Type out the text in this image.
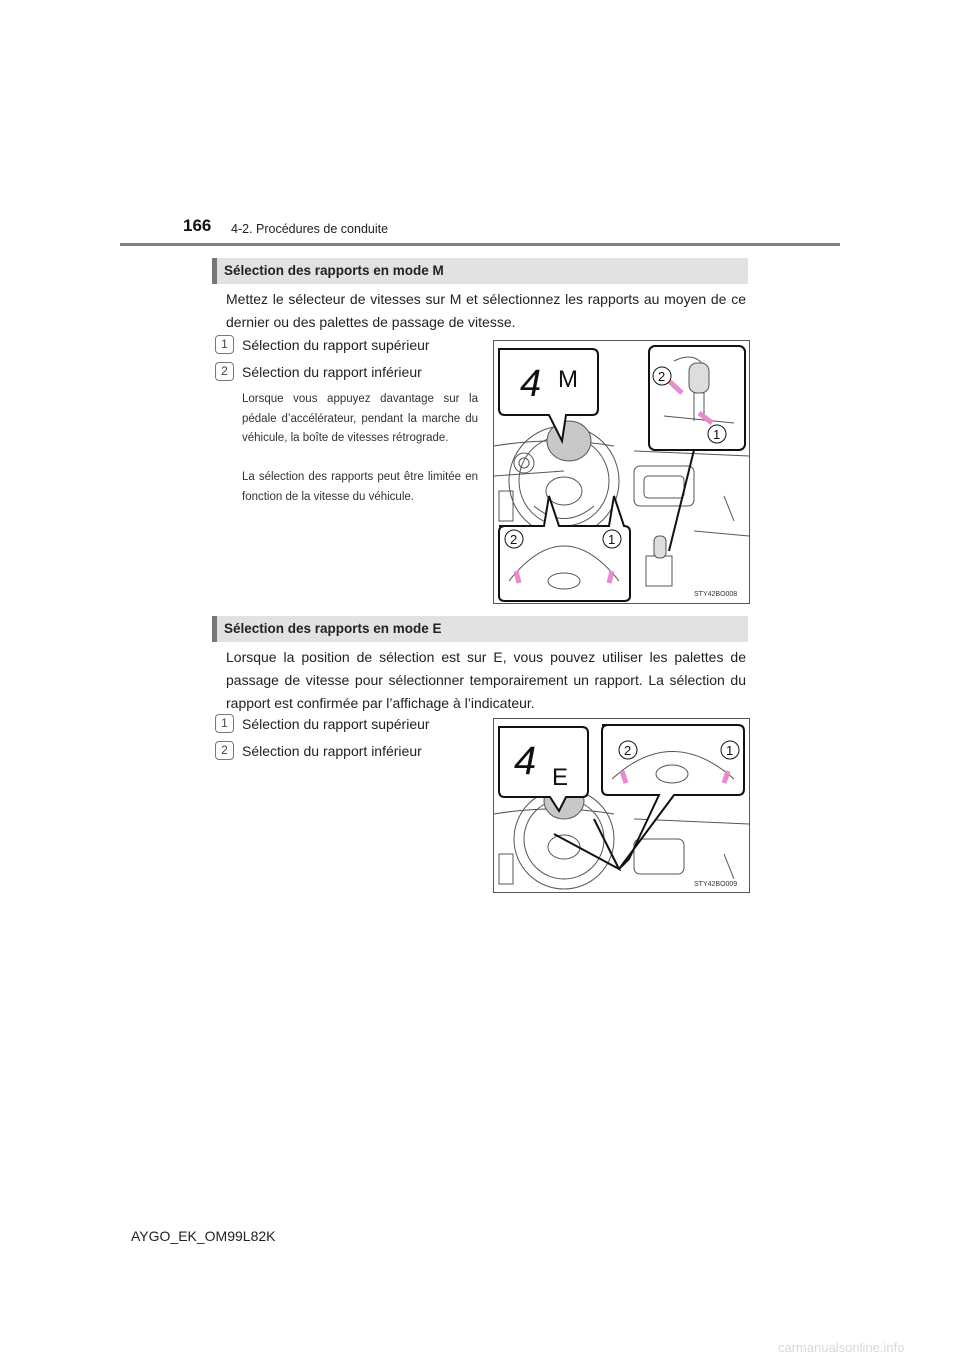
166 4-2. Procédures de conduite
Sélection des rapports en mode M
Mettez le sélecteur de vitesses sur M et sélectionnez les rapports au moyen de ce dernier ou des palettes de passage de vitesse.
1	Sélection du rapport supérieur
2	Sélection du rapport inférieur
Lorsque vous appuyez davantage sur la pédale d’accélérateur, pendant la marche du véhicule, la boîte de vitesses rétrograde.
La sélection des rapports peut être limitée en fonction de la vitesse du véhicule.
4 M	2
1
2	1
STY42BO008
Sélection des rapports en mode E
Lorsque la position de sélection est sur E, vous pouvez utiliser les palettes de passage de vitesse pour sélectionner temporairement un rapport. La sélection du rapport est confirmée par l’affichage à l’indicateur.
1	Sélection du rapport supérieur
2	Sélection du rapport inférieur 4 E
2	1
STY42BO009
AYGO_EK_OM99L82K
carmanualsonline.info
